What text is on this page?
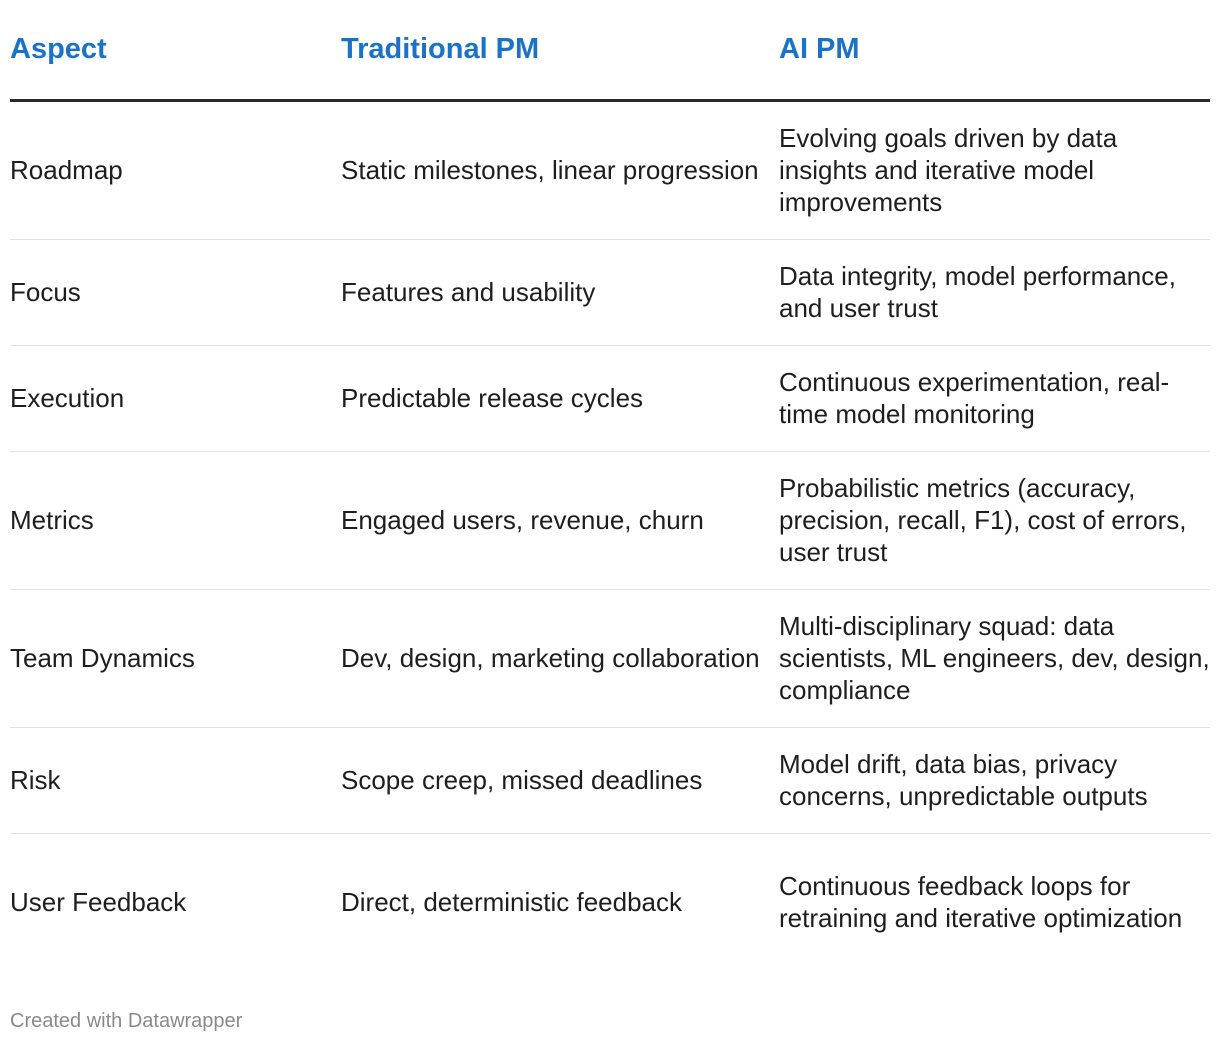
Aspect	Traditional PM	AI PM
Roadmap	Static milestones, linear progression	Evolving goals driven by data insights and iterative model improvements
Focus	Features and usability	Data integrity, model performance, and user trust
Execution	Predictable release cycles	Continuous experimentation, real-time model monitoring
Metrics	Engaged users, revenue, churn	Probabilistic metrics (accuracy, precision, recall, F1), cost of errors, user trust
Team Dynamics	Dev, design, marketing collaboration	Multi-disciplinary squad: data scientists, ML engineers, dev, design, compliance
Risk	Scope creep, missed deadlines	Model drift, data bias, privacy concerns, unpredictable outputs
User Feedback	Direct, deterministic feedback	Continuous feedback loops for retraining and iterative optimization
Created with Datawrapper
